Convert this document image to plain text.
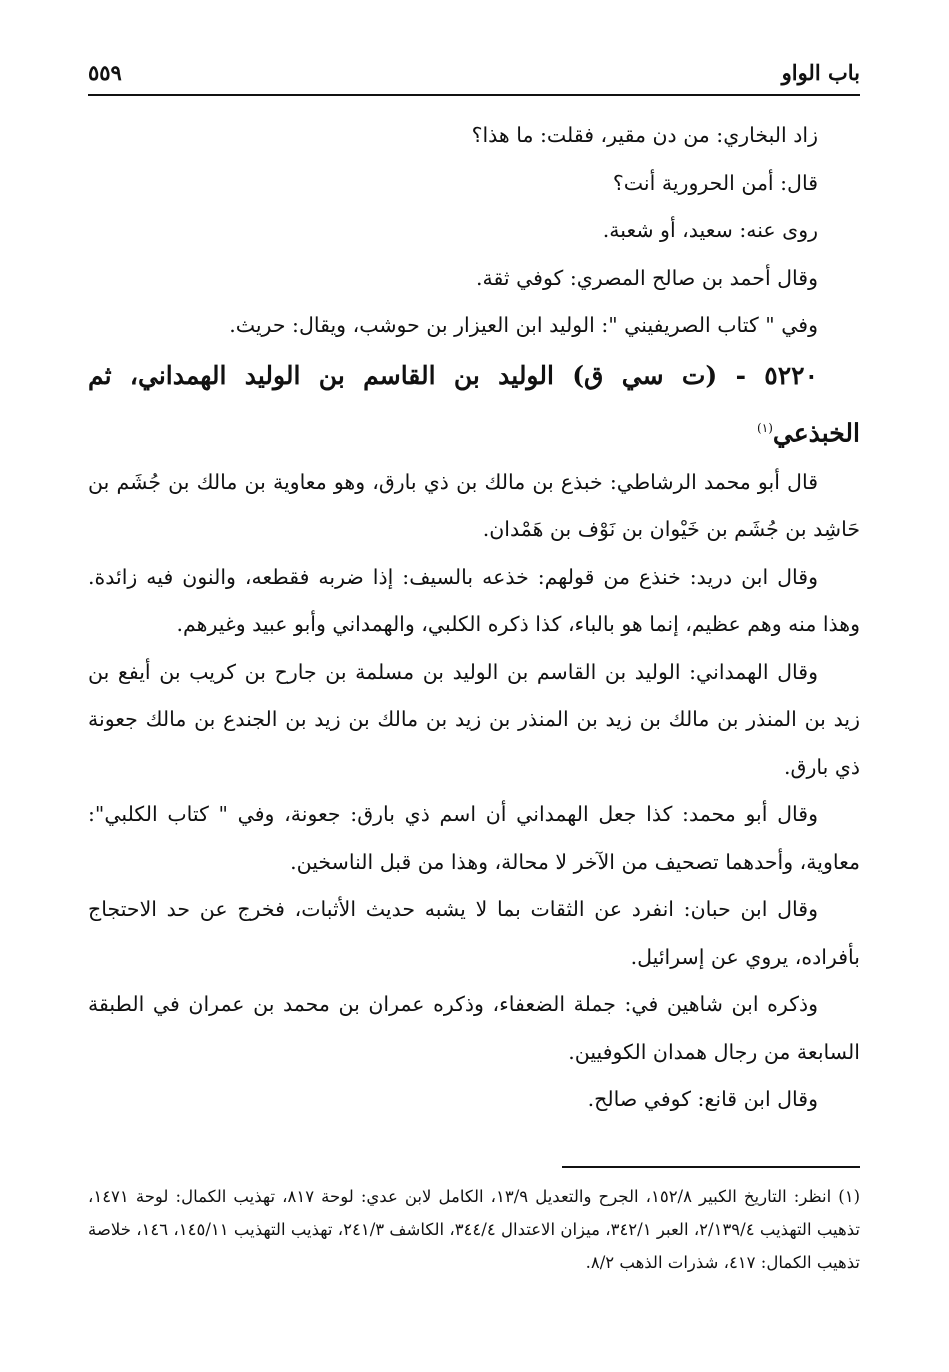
باب الواو
٥٥٩

زاد البخاري: من دن مقير، فقلت: ما هذا؟

قال: أمن الحرورية أنت؟

روى عنه: سعيد، أو شعبة.

وقال أحمد بن صالح المصري: كوفي ثقة.

وفي " كتاب الصريفيني ": الوليد ابن العيزار بن حوشب، ويقال: حريث.

٥٢٢٠ - (ت سي ق) الوليد بن القاسم بن الوليد الهمداني، ثم الخبذعي$^{(١)}$

قال أبو محمد الرشاطي: خبذع بن مالك بن ذي بارق، وهو معاوية بن مالك بن جُشَم بن حَاشِد بن جُشَم بن خَيْوان بن نَوْف بن هَمْدان.

وقال ابن دريد: خنذع من قولهم: خذعه بالسيف: إذا ضربه فقطعه، والنون فيه زائدة. وهذا منه وهم عظيم، إنما هو بالباء، كذا ذكره الكلبي، والهمداني وأبو عبيد وغيرهم.

وقال الهمداني: الوليد بن القاسم بن الوليد بن مسلمة بن جارح بن كريب بن أيفع بن زيد بن المنذر بن مالك بن زيد بن المنذر بن زيد بن مالك بن زيد بن الجندع بن مالك جعونة ذي بارق.

وقال أبو محمد: كذا جعل الهمداني أن اسم ذي بارق: جعونة، وفي " كتاب الكلبي": معاوية، وأحدهما تصحيف من الآخر لا محالة، وهذا من قبل الناسخين.

وقال ابن حبان: انفرد عن الثقات بما لا يشبه حديث الأثبات، فخرج عن حد الاحتجاج بأفراده، يروي عن إسرائيل.

وذكره ابن شاهين في: جملة الضعفاء، وذكره عمران بن محمد بن عمران في الطبقة السابعة من رجال همدان الكوفيين.

وقال ابن قانع: كوفي صالح.

(١) انظر: التاريخ الكبير ١٥٢/٨، الجرح والتعديل ١٣/٩، الكامل لابن عدي: لوحة ٨١٧، تهذيب الكمال: لوحة ١٤٧١، تذهيب التهذيب ٢/١٣٩/٤، العبر ٣٤٢/١، ميزان الاعتدال ٣٤٤/٤، الكاشف ٢٤١/٣، تهذيب التهذيب ١٤٥/١١، ١٤٦، خلاصة تذهيب الكمال: ٤١٧، شذرات الذهب ٨/٢.
